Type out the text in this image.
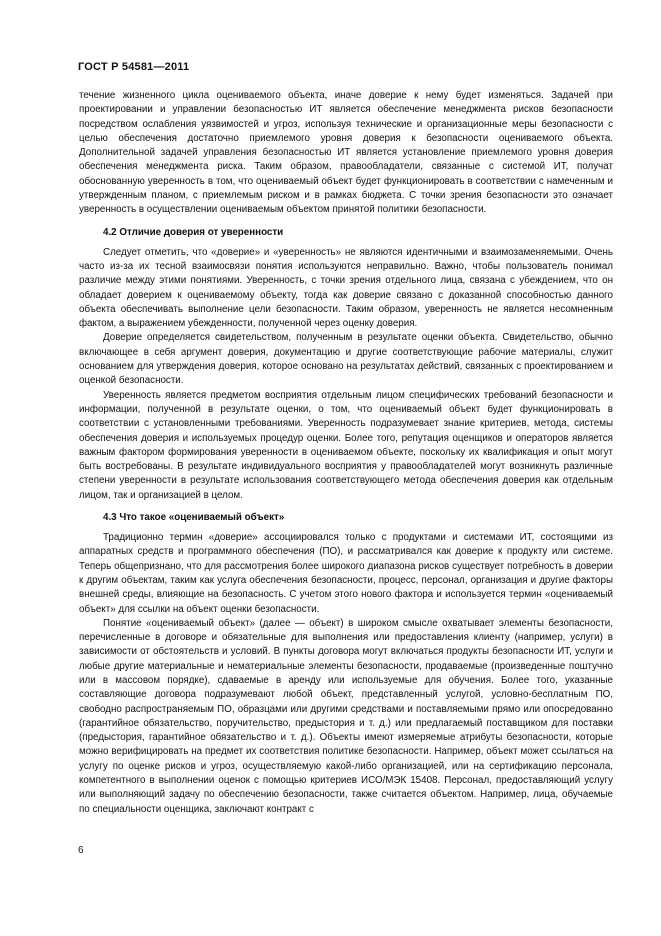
ГОСТ Р 54581—2011

течение жизненного цикла оцениваемого объекта, иначе доверие к нему будет изменяться. Задачей при проектировании и управлении безопасностью ИТ является обеспечение менеджмента рисков безопасности посредством ослабления уязвимостей и угроз, используя технические и организационные меры безопасности с целью обеспечения достаточно приемлемого уровня доверия к безопасности оцениваемого объекта. Дополнительной задачей управления безопасностью ИТ является установление приемлемого уровня доверия обеспечения менеджмента риска. Таким образом, правообладатели, связанные с системой ИТ, получат обоснованную уверенность в том, что оцениваемый объект будет функционировать в соответствии с намеченным и утвержденным планом, с приемлемым риском и в рамках бюджета. С точки зрения безопасности это означает уверенность в осуществлении оцениваемым объектом принятой политики безопасности.

4.2 Отличие доверия от уверенности

Следует отметить, что «доверие» и «уверенность» не являются идентичными и взаимозаменяемыми. Очень часто из-за их тесной взаимосвязи понятия используются неправильно. Важно, чтобы пользователь понимал различие между этими понятиями. Уверенность, с точки зрения отдельного лица, связана с убеждением, что он обладает доверием к оцениваемому объекту, тогда как доверие связано с доказанной способностью данного объекта обеспечивать выполнение цели безопасности. Таким образом, уверенность не является несомненным фактом, а выражением убежденности, полученной через оценку доверия.

Доверие определяется свидетельством, полученным в результате оценки объекта. Свидетельство, обычно включающее в себя аргумент доверия, документацию и другие соответствующие рабочие материалы, служит основанием для утверждения доверия, которое основано на результатах действий, связанных с проектированием и оценкой безопасности.

Уверенность является предметом восприятия отдельным лицом специфических требований безопасности и информации, полученной в результате оценки, о том, что оцениваемый объект будет функционировать в соответствии с установленными требованиями. Уверенность подразумевает знание критериев, метода, системы обеспечения доверия и используемых процедур оценки. Более того, репутация оценщиков и операторов является важным фактором формирования уверенности в оцениваемом объекте, поскольку их квалификация и опыт могут быть востребованы. В результате индивидуального восприятия у правообладателей могут возникнуть различные степени уверенности в результате использования соответствующего метода обеспечения доверия как отдельным лицом, так и организацией в целом.

4.3 Что такое «оцениваемый объект»

Традиционно термин «доверие» ассоциировался только с продуктами и системами ИТ, состоящими из аппаратных средств и программного обеспечения (ПО), и рассматривался как доверие к продукту или системе. Теперь общепризнано, что для рассмотрения более широкого диапазона рисков существует потребность в доверии к другим объектам, таким как услуга обеспечения безопасности, процесс, персонал, организация и другие факторы внешней среды, влияющие на безопасность. С учетом этого нового фактора и используется термин «оцениваемый объект» для ссылки на объект оценки безопасности.

Понятие «оцениваемый объект» (далее — объект) в широком смысле охватывает элементы безопасности, перечисленные в договоре и обязательные для выполнения или предоставления клиенту (например, услуги) в зависимости от обстоятельств и условий. В пункты договора могут включаться продукты безопасности ИТ, услуги и любые другие материальные и нематериальные элементы безопасности, продаваемые (произведенные поштучно или в массовом порядке), сдаваемые в аренду или используемые для обучения. Более того, указанные составляющие договора подразумевают любой объект, представленный услугой, условно-бесплатным ПО, свободно распространяемым ПО, образцами или другими средствами и поставляемыми прямо или опосредованно (гарантийное обязательство, поручительство, предыстория и т. д.) или предлагаемый поставщиком для поставки (предыстория, гарантийное обязательство и т. д.). Объекты имеют измеряемые атрибуты безопасности, которые можно верифицировать на предмет их соответствия политике безопасности. Например, объект может ссылаться на услугу по оценке рисков и угроз, осуществляемую какой-либо организацией, или на сертификацию персонала, компетентного в выполнении оценок с помощью критериев ИСО/МЭК 15408. Персонал, предоставляющий услугу или выполняющий задачу по обеспечению безопасности, также считается объектом. Например, лица, обучаемые по специальности оценщика, заключают контракт с

6
